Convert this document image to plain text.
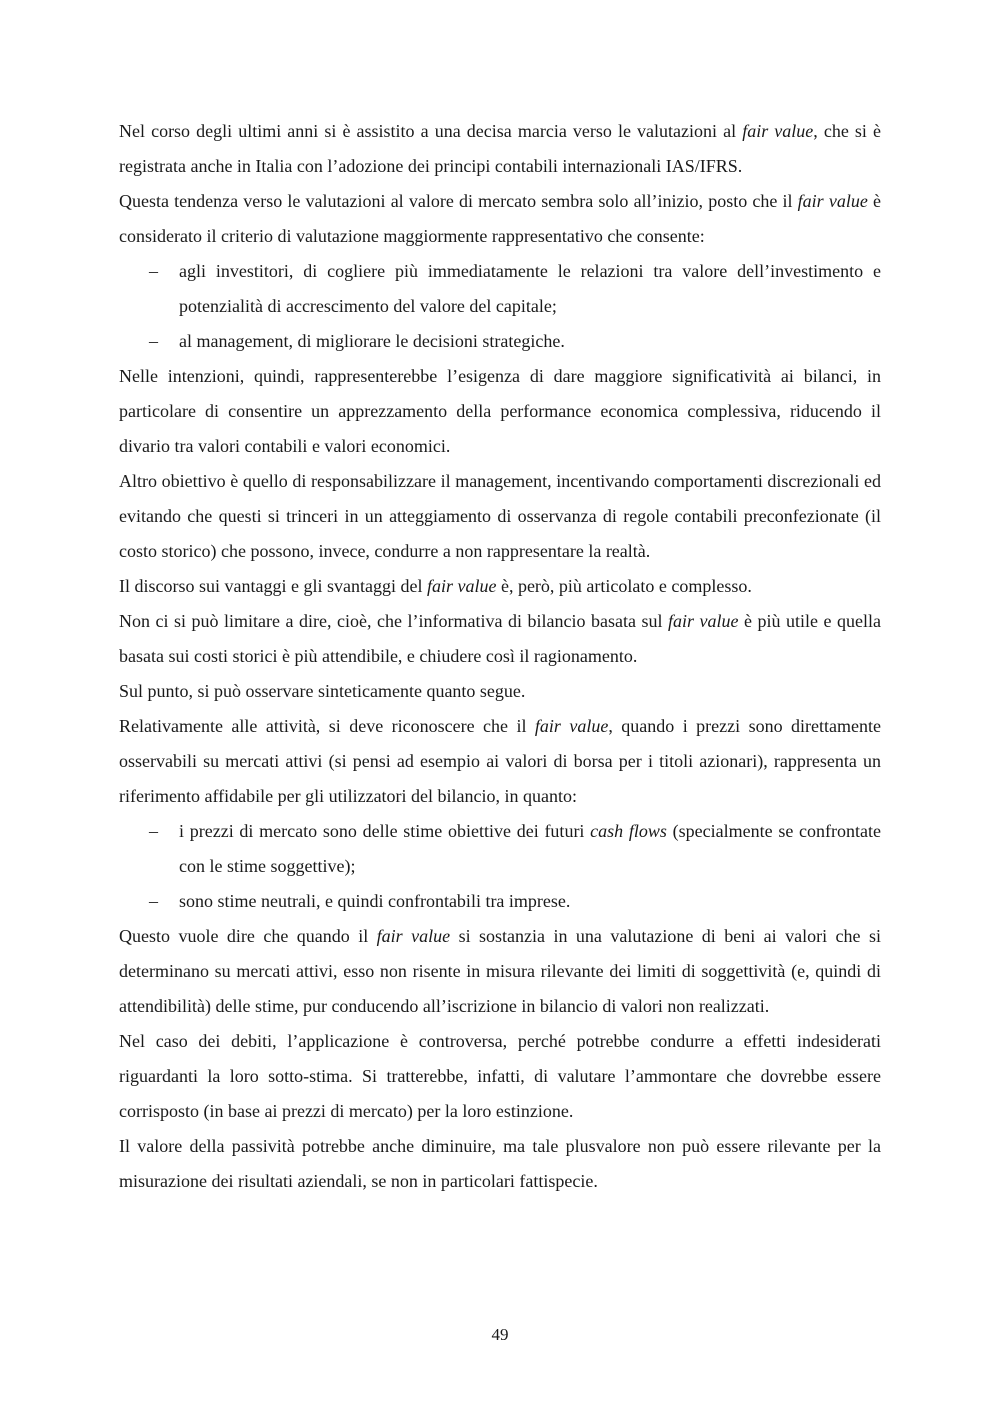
Nel corso degli ultimi anni si è assistito a una decisa marcia verso le valutazioni al fair value, che si è registrata anche in Italia con l’adozione dei principi contabili internazionali IAS/IFRS.

Questa tendenza verso le valutazioni al valore di mercato sembra solo all’inizio, posto che il fair value è considerato il criterio di valutazione maggiormente rappresentativo che consente:

– agli investitori, di cogliere più immediatamente le relazioni tra valore dell’investimento e potenzialità di accrescimento del valore del capitale;
– al management, di migliorare le decisioni strategiche.

Nelle intenzioni, quindi, rappresenterebbe l’esigenza di dare maggiore significatività ai bilanci, in particolare di consentire un apprezzamento della performance economica complessiva, riducendo il divario tra valori contabili e valori economici.

Altro obiettivo è quello di responsabilizzare il management, incentivando comportamenti discrezionali ed evitando che questi si trinceri in un atteggiamento di osservanza di regole contabili preconfezionate (il costo storico) che possono, invece, condurre a non rappresentare la realtà.

Il discorso sui vantaggi e gli svantaggi del fair value è, però, più articolato e complesso.

Non ci si può limitare a dire, cioè, che l’informativa di bilancio basata sul fair value è più utile e quella basata sui costi storici è più attendibile, e chiudere così il ragionamento.

Sul punto, si può osservare sinteticamente quanto segue.

Relativamente alle attività, si deve riconoscere che il fair value, quando i prezzi sono direttamente osservabili su mercati attivi (si pensi ad esempio ai valori di borsa per i titoli azionari), rappresenta un riferimento affidabile per gli utilizzatori del bilancio, in quanto:

– i prezzi di mercato sono delle stime obiettive dei futuri cash flows (specialmente se confrontate con le stime soggettive);
– sono stime neutrali, e quindi confrontabili tra imprese.

Questo vuole dire che quando il fair value si sostanzia in una valutazione di beni ai valori che si determinano su mercati attivi, esso non risente in misura rilevante dei limiti di soggettività (e, quindi di attendibilità) delle stime, pur conducendo all’iscrizione in bilancio di valori non realizzati.

Nel caso dei debiti, l’applicazione è controversa, perché potrebbe condurre a effetti indesiderati riguardanti la loro sotto-stima. Si tratterebbe, infatti, di valutare l’ammontare che dovrebbe essere corrisposto (in base ai prezzi di mercato) per la loro estinzione.

Il valore della passività potrebbe anche diminuire, ma tale plusvalore non può essere rilevante per la misurazione dei risultati aziendali, se non in particolari fattispecie.

49
